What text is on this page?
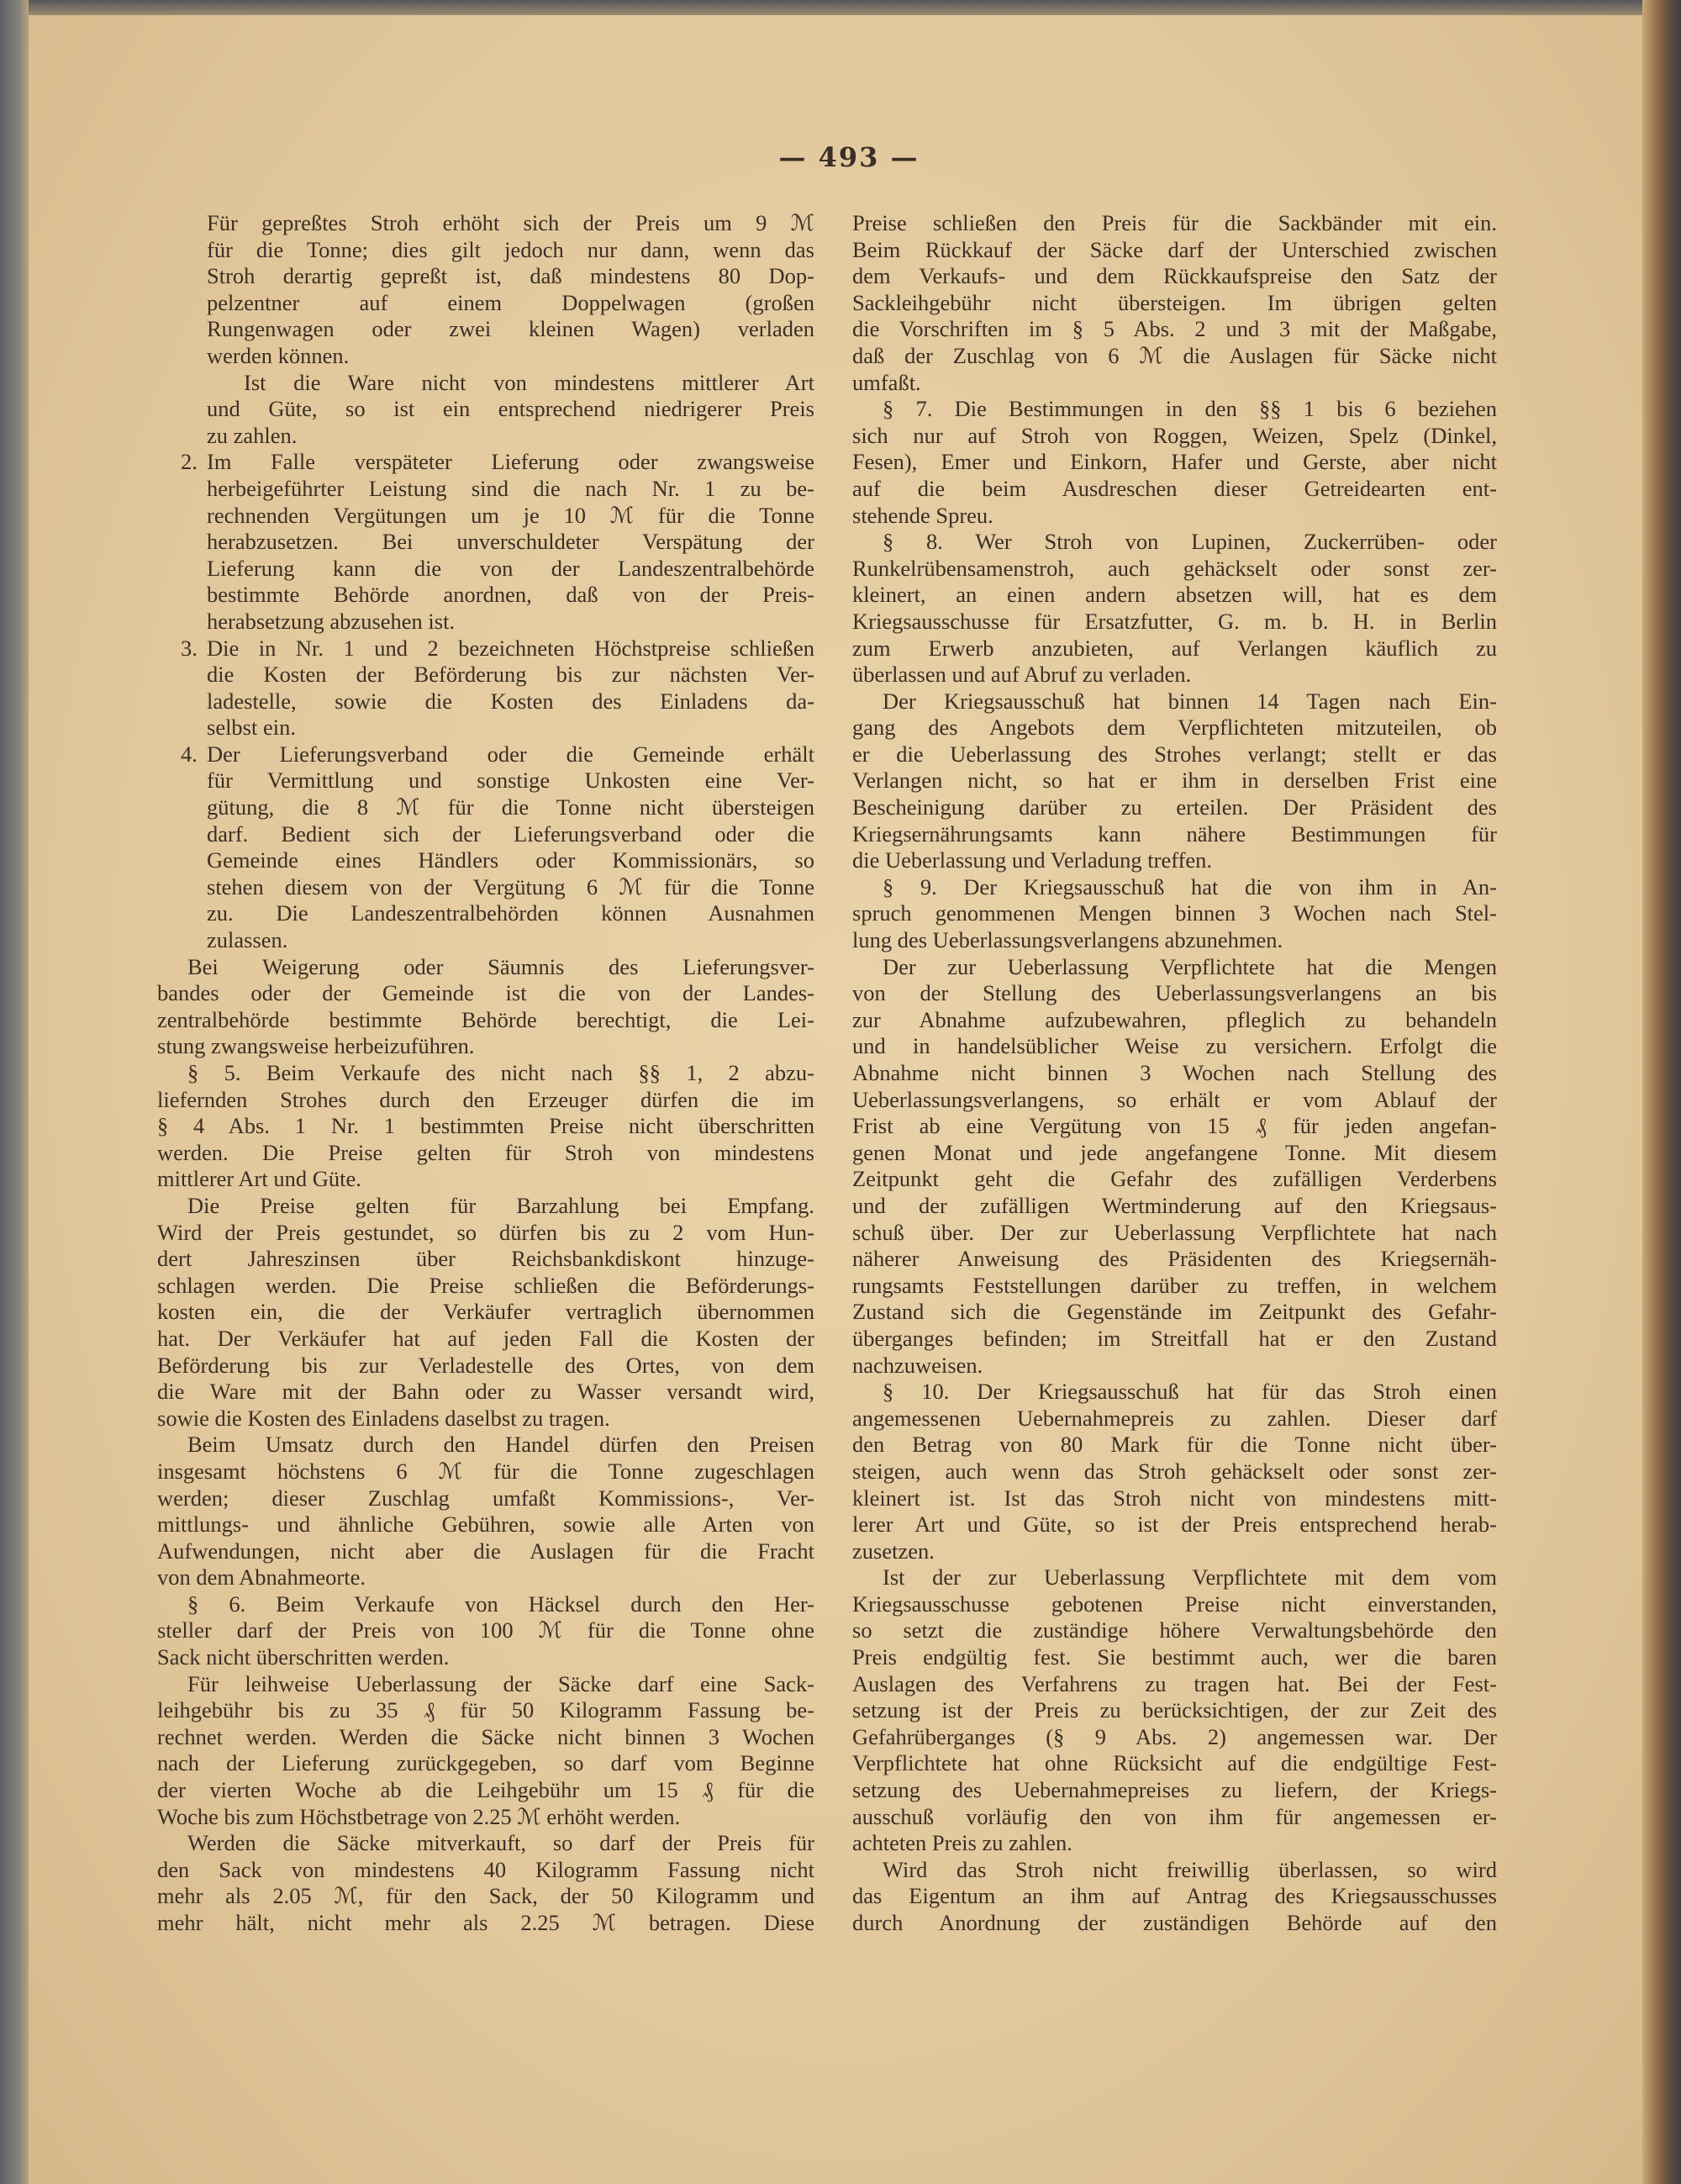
— 493 —
Für gepreßtes Stroh erhöht sich der Preis um 9 ℳ
für die Tonne; dies gilt jedoch nur dann, wenn das
Stroh derartig gepreßt ist, daß mindestens 80 Dop-
pelzentner auf einem Doppelwagen (großen
Rungenwagen oder zwei kleinen Wagen) verladen
werden können.
Ist die Ware nicht von mindestens mittlerer Art
und Güte, so ist ein entsprechend niedrigerer Preis
zu zahlen.
2. Im Falle verspäteter Lieferung oder zwangsweise
herbeigeführter Leistung sind die nach Nr. 1 zu be-
rechnenden Vergütungen um je 10 ℳ für die Tonne
herabzusetzen. Bei unverschuldeter Verspätung der
Lieferung kann die von der Landeszentralbehörde
bestimmte Behörde anordnen, daß von der Preis-
herabsetzung abzusehen ist.
3. Die in Nr. 1 und 2 bezeichneten Höchstpreise schließen
die Kosten der Beförderung bis zur nächsten Ver-
ladestelle, sowie die Kosten des Einladens da-
selbst ein.
4. Der Lieferungsverband oder die Gemeinde erhält
für Vermittlung und sonstige Unkosten eine Ver-
gütung, die 8 ℳ für die Tonne nicht übersteigen
darf. Bedient sich der Lieferungsverband oder die
Gemeinde eines Händlers oder Kommissionärs, so
stehen diesem von der Vergütung 6 ℳ für die Tonne
zu. Die Landeszentralbehörden können Ausnahmen
zulassen.
Bei Weigerung oder Säumnis des Lieferungsver-
bandes oder der Gemeinde ist die von der Landes-
zentralbehörde bestimmte Behörde berechtigt, die Lei-
stung zwangsweise herbeizuführen.
§ 5. Beim Verkaufe des nicht nach §§ 1, 2 abzu-
liefernden Strohes durch den Erzeuger dürfen die im
§ 4 Abs. 1 Nr. 1 bestimmten Preise nicht überschritten
werden. Die Preise gelten für Stroh von mindestens
mittlerer Art und Güte.
Die Preise gelten für Barzahlung bei Empfang.
Wird der Preis gestundet, so dürfen bis zu 2 vom Hun-
dert Jahreszinsen über Reichsbankdiskont hinzuge-
schlagen werden. Die Preise schließen die Beförderungs-
kosten ein, die der Verkäufer vertraglich übernommen
hat. Der Verkäufer hat auf jeden Fall die Kosten der
Beförderung bis zur Verladestelle des Ortes, von dem
die Ware mit der Bahn oder zu Wasser versandt wird,
sowie die Kosten des Einladens daselbst zu tragen.
Beim Umsatz durch den Handel dürfen den Preisen
insgesamt höchstens 6 ℳ für die Tonne zugeschlagen
werden; dieser Zuschlag umfaßt Kommissions-, Ver-
mittlungs- und ähnliche Gebühren, sowie alle Arten von
Aufwendungen, nicht aber die Auslagen für die Fracht
von dem Abnahmeorte.
§ 6. Beim Verkaufe von Häcksel durch den Her-
steller darf der Preis von 100 ℳ für die Tonne ohne
Sack nicht überschritten werden.
Für leihweise Ueberlassung der Säcke darf eine Sack-
leihgebühr bis zu 35 ₰ für 50 Kilogramm Fassung be-
rechnet werden. Werden die Säcke nicht binnen 3 Wochen
nach der Lieferung zurückgegeben, so darf vom Beginne
der vierten Woche ab die Leihgebühr um 15 ₰ für die
Woche bis zum Höchstbetrage von 2.25 ℳ erhöht werden.
Werden die Säcke mitverkauft, so darf der Preis für
den Sack von mindestens 40 Kilogramm Fassung nicht
mehr als 2.05 ℳ, für den Sack, der 50 Kilogramm und
mehr hält, nicht mehr als 2.25 ℳ betragen. Diese
Preise schließen den Preis für die Sackbänder mit ein.
Beim Rückkauf der Säcke darf der Unterschied zwischen
dem Verkaufs- und dem Rückkaufspreise den Satz der
Sackleihgebühr nicht übersteigen. Im übrigen gelten
die Vorschriften im § 5 Abs. 2 und 3 mit der Maßgabe,
daß der Zuschlag von 6 ℳ die Auslagen für Säcke nicht
umfaßt.
§ 7. Die Bestimmungen in den §§ 1 bis 6 beziehen
sich nur auf Stroh von Roggen, Weizen, Spelz (Dinkel,
Fesen), Emer und Einkorn, Hafer und Gerste, aber nicht
auf die beim Ausdreschen dieser Getreidearten ent-
stehende Spreu.
§ 8. Wer Stroh von Lupinen, Zuckerrüben- oder
Runkelrübensamenstroh, auch gehäckselt oder sonst zer-
kleinert, an einen andern absetzen will, hat es dem
Kriegsausschusse für Ersatzfutter, G. m. b. H. in Berlin
zum Erwerb anzubieten, auf Verlangen käuflich zu
überlassen und auf Abruf zu verladen.
Der Kriegsausschuß hat binnen 14 Tagen nach Ein-
gang des Angebots dem Verpflichteten mitzuteilen, ob
er die Ueberlassung des Strohes verlangt; stellt er das
Verlangen nicht, so hat er ihm in derselben Frist eine
Bescheinigung darüber zu erteilen. Der Präsident des
Kriegsernährungsamts kann nähere Bestimmungen für
die Ueberlassung und Verladung treffen.
§ 9. Der Kriegsausschuß hat die von ihm in An-
spruch genommenen Mengen binnen 3 Wochen nach Stel-
lung des Ueberlassungsverlangens abzunehmen.
Der zur Ueberlassung Verpflichtete hat die Mengen
von der Stellung des Ueberlassungsverlangens an bis
zur Abnahme aufzubewahren, pfleglich zu behandeln
und in handelsüblicher Weise zu versichern. Erfolgt die
Abnahme nicht binnen 3 Wochen nach Stellung des
Ueberlassungsverlangens, so erhält er vom Ablauf der
Frist ab eine Vergütung von 15 ₰ für jeden angefan-
genen Monat und jede angefangene Tonne. Mit diesem
Zeitpunkt geht die Gefahr des zufälligen Verderbens
und der zufälligen Wertminderung auf den Kriegsaus-
schuß über. Der zur Ueberlassung Verpflichtete hat nach
näherer Anweisung des Präsidenten des Kriegsernäh-
rungsamts Feststellungen darüber zu treffen, in welchem
Zustand sich die Gegenstände im Zeitpunkt des Gefahr-
überganges befinden; im Streitfall hat er den Zustand
nachzuweisen.
§ 10. Der Kriegsausschuß hat für das Stroh einen
angemessenen Uebernahmepreis zu zahlen. Dieser darf
den Betrag von 80 Mark für die Tonne nicht über-
steigen, auch wenn das Stroh gehäckselt oder sonst zer-
kleinert ist. Ist das Stroh nicht von mindestens mitt-
lerer Art und Güte, so ist der Preis entsprechend herab-
zusetzen.
Ist der zur Ueberlassung Verpflichtete mit dem vom
Kriegsausschusse gebotenen Preise nicht einverstanden,
so setzt die zuständige höhere Verwaltungsbehörde den
Preis endgültig fest. Sie bestimmt auch, wer die baren
Auslagen des Verfahrens zu tragen hat. Bei der Fest-
setzung ist der Preis zu berücksichtigen, der zur Zeit des
Gefahrüberganges (§ 9 Abs. 2) angemessen war. Der
Verpflichtete hat ohne Rücksicht auf die endgültige Fest-
setzung des Uebernahmepreises zu liefern, der Kriegs-
ausschuß vorläufig den von ihm für angemessen er-
achteten Preis zu zahlen.
Wird das Stroh nicht freiwillig überlassen, so wird
das Eigentum an ihm auf Antrag des Kriegsausschusses
durch Anordnung der zuständigen Behörde auf den
